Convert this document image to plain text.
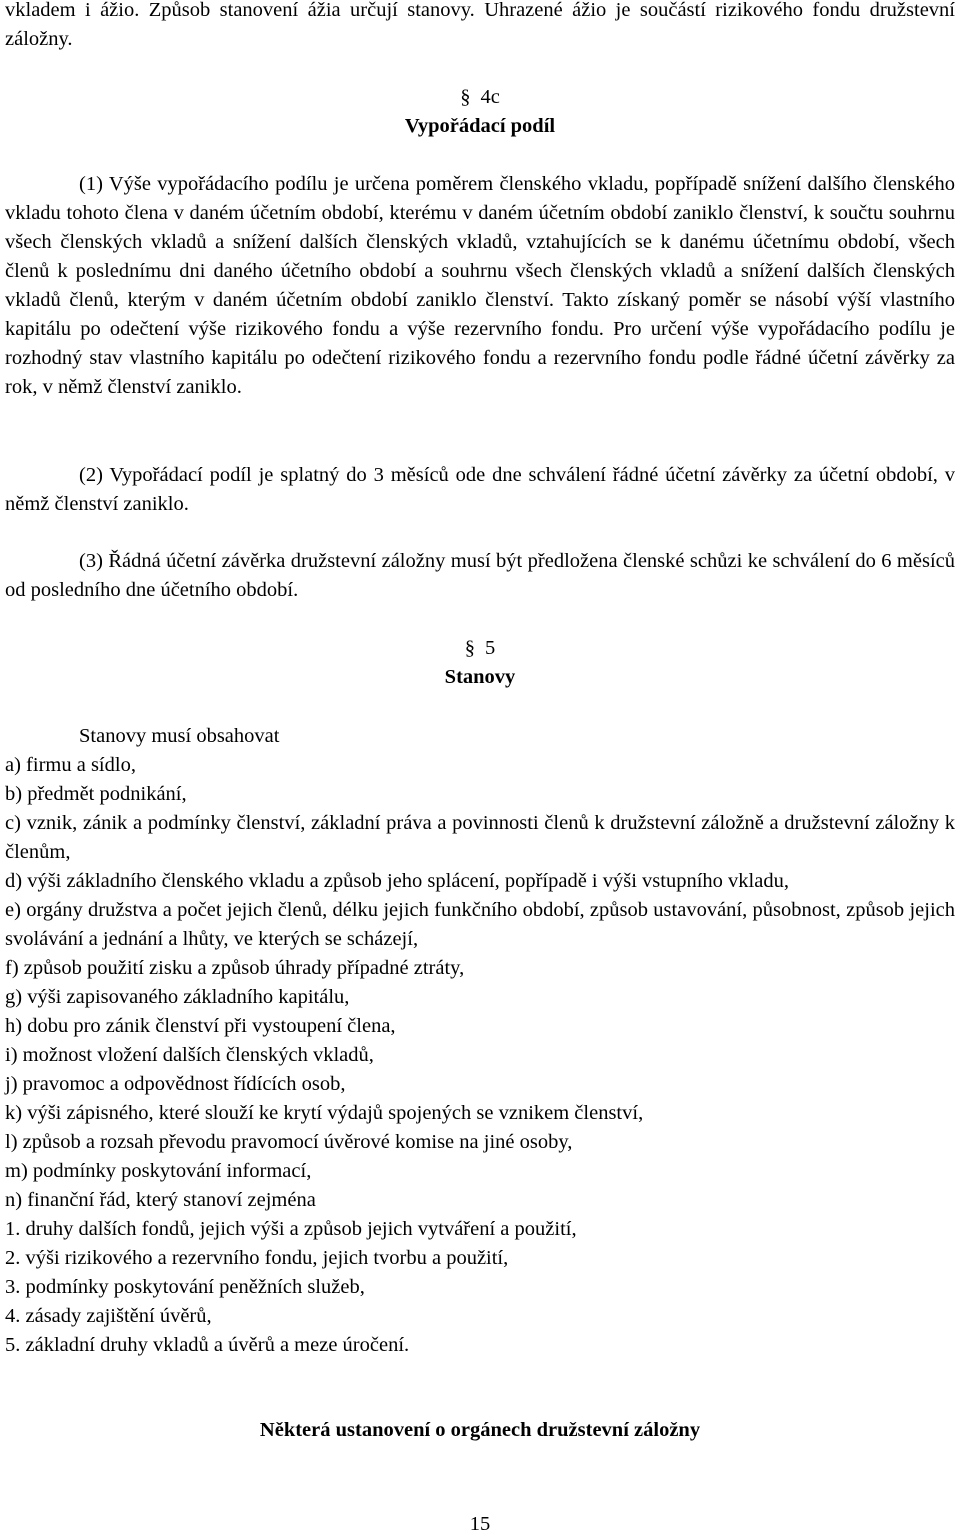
vkladem i ážio. Způsob stanovení ážia určují stanovy. Uhrazené ážio je součástí rizikového fondu družstevní záložny.

§ 4c

Vypořádací podíl

(1) Výše vypořádacího podílu je určena poměrem členského vkladu, popřípadě snížení dalšího členského vkladu tohoto člena v daném účetním období, kterému v daném účetním období zaniklo členství, k součtu souhrnu všech členských vkladů a snížení dalších členských vkladů, vztahujících se k danému účetnímu období, všech členů k poslednímu dni daného účetního období a souhrnu všech členských vkladů a snížení dalších členských vkladů členů, kterým v daném účetním období zaniklo členství. Takto získaný poměr se násobí výší vlastního kapitálu po odečtení výše rizikového fondu a výše rezervního fondu. Pro určení výše vypořádacího podílu je rozhodný stav vlastního kapitálu po odečtení rizikového fondu a rezervního fondu podle řádné účetní závěrky za rok, v němž členství zaniklo.

(2) Vypořádací podíl je splatný do 3 měsíců ode dne schválení řádné účetní závěrky za účetní období, v němž členství zaniklo.

(3) Řádná účetní závěrka družstevní záložny musí být předložena členské schůzi ke schválení do 6 měsíců od posledního dne účetního období.

§ 5

Stanovy

Stanovy musí obsahovat

a) firmu a sídlo,

b) předmět podnikání,

c) vznik, zánik a podmínky členství, základní práva a povinnosti členů k družstevní záložně a družstevní záložny k členům,

d) výši základního členského vkladu a způsob jeho splácení, popřípadě i výši vstupního vkladu,

e) orgány družstva a počet jejich členů, délku jejich funkčního období, způsob ustavování, působnost, způsob jejich svolávání a jednání a lhůty, ve kterých se scházejí,

f) způsob použití zisku a způsob úhrady případné ztráty,

g) výši zapisovaného základního kapitálu,

h) dobu pro zánik členství při vystoupení člena,

i) možnost vložení dalších členských vkladů,

j) pravomoc a odpovědnost řídících osob,

k) výši zápisného, které slouží ke krytí výdajů spojených se vznikem členství,

l) způsob a rozsah převodu pravomocí úvěrové komise na jiné osoby,

m) podmínky poskytování informací,

n) finanční řád, který stanoví zejména

1. druhy dalších fondů, jejich výši a způsob jejich vytváření a použití,

2. výši rizikového a rezervního fondu, jejich tvorbu a použití,

3. podmínky poskytování peněžních služeb,

4. zásady zajištění úvěrů,

5. základní druhy vkladů a úvěrů a meze úročení.

Některá ustanovení o orgánech družstevní záložny

15
